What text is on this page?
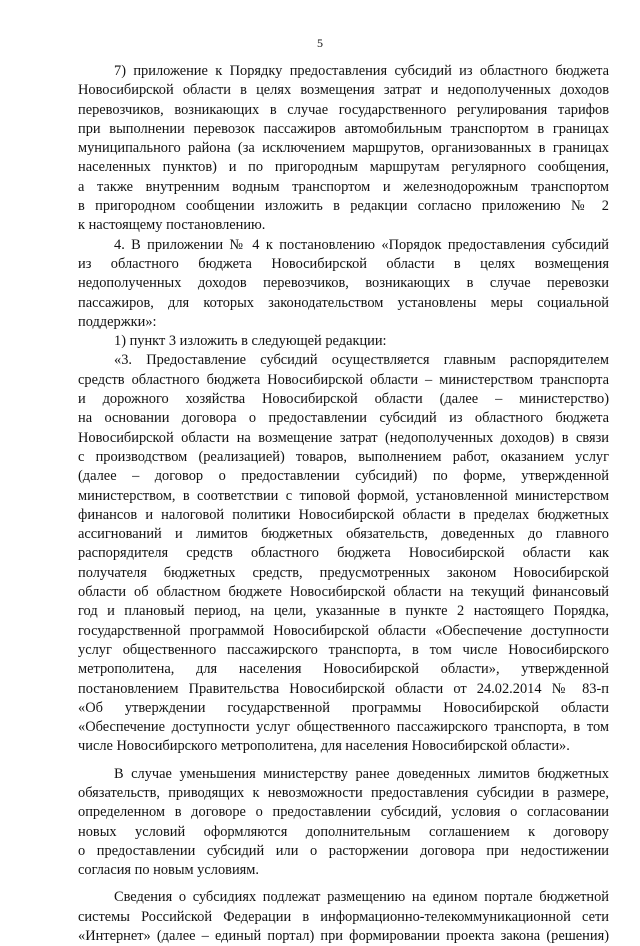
5
7) приложение к Порядку предоставления субсидий из областного бюджета
Новосибирской области в целях возмещения затрат и недополученных доходов
перевозчиков, возникающих в случае государственного регулирования тарифов
при выполнении перевозок пассажиров автомобильным транспортом в границах
муниципального района (за исключением маршрутов, организованных в границах
населенных пунктов) и по пригородным маршрутам регулярного сообщения,
а также внутренним водным транспортом и железнодорожным транспортом
в пригородном сообщении изложить в редакции согласно приложению № 2
к настоящему постановлению.
4. В приложении № 4 к постановлению «Порядок предоставления субсидий
из областного бюджета Новосибирской области в целях возмещения
недополученных доходов перевозчиков, возникающих в случае перевозки
пассажиров, для которых законодательством установлены меры социальной
поддержки»:
1) пункт 3 изложить в следующей редакции:
«3. Предоставление субсидий осуществляется главным распорядителем
средств областного бюджета Новосибирской области – министерством транспорта
и дорожного хозяйства Новосибирской области (далее – министерство)
на основании договора о предоставлении субсидий из областного бюджета
Новосибирской области на возмещение затрат (недополученных доходов) в связи
с производством (реализацией) товаров, выполнением работ, оказанием услуг
(далее – договор о предоставлении субсидий) по форме, утвержденной
министерством, в соответствии с типовой формой, установленной министерством
финансов и налоговой политики Новосибирской области в пределах бюджетных
ассигнований и лимитов бюджетных обязательств, доведенных до главного
распорядителя средств областного бюджета Новосибирской области как
получателя бюджетных средств, предусмотренных законом Новосибирской
области об областном бюджете Новосибирской области на текущий финансовый
год и плановый период, на цели, указанные в пункте 2 настоящего Порядка,
государственной программой Новосибирской области «Обеспечение доступности
услуг общественного пассажирского транспорта, в том числе Новосибирского
метрополитена, для населения Новосибирской области», утвержденной
постановлением Правительства Новосибирской области от 24.02.2014 № 83-п
«Об утверждении государственной программы Новосибирской области
«Обеспечение доступности услуг общественного пассажирского транспорта, в том
числе Новосибирского метрополитена, для населения Новосибирской области».
В случае уменьшения министерству ранее доведенных лимитов бюджетных
обязательств, приводящих к невозможности предоставления субсидии в размере,
определенном в договоре о предоставлении субсидий, условия о согласовании
новых условий оформляются дополнительным соглашением к договору
о предоставлении субсидий или о расторжении договора при недостижении
согласия по новым условиям.
Сведения о субсидиях подлежат размещению на едином портале бюджетной
системы Российской Федерации в информационно-телекоммуникационной сети
«Интернет» (далее – единый портал) при формировании проекта закона (решения)
